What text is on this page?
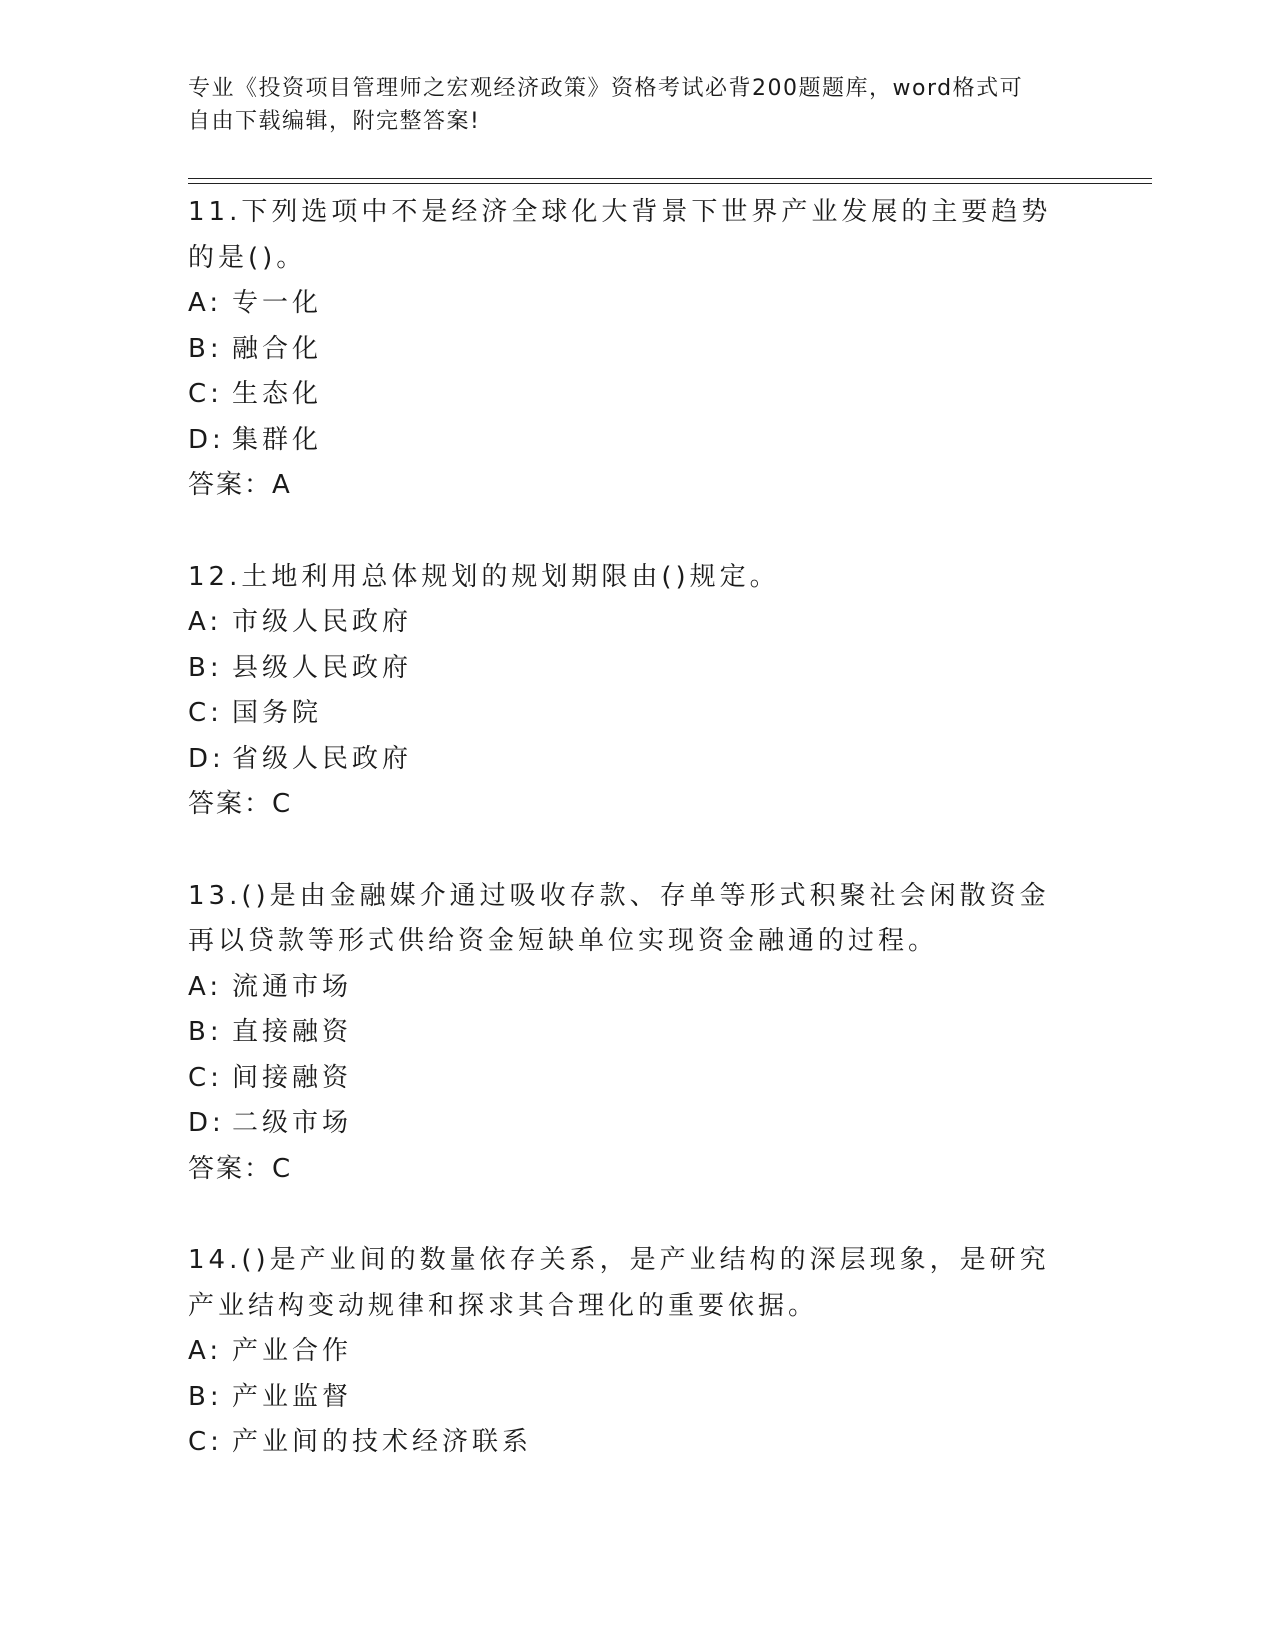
专业《投资项目管理师之宏观经济政策》资格考试必背200题题库，word格式可
自由下载编辑，附完整答案!
11.下列选项中不是经济全球化大背景下世界产业发展的主要趋势的是()。
A: 专一化
B: 融合化
C: 生态化
D: 集群化
答案：A
12.土地利用总体规划的规划期限由()规定。
A: 市级人民政府
B: 县级人民政府
C: 国务院
D: 省级人民政府
答案：C
13.()是由金融媒介通过吸收存款、存单等形式积聚社会闲散资金再以贷款等形式供给资金短缺单位实现资金融通的过程。
A: 流通市场
B: 直接融资
C: 间接融资
D: 二级市场
答案：C
14.()是产业间的数量依存关系，是产业结构的深层现象，是研究产业结构变动规律和探求其合理化的重要依据。
A: 产业合作
B: 产业监督
C: 产业间的技术经济联系
